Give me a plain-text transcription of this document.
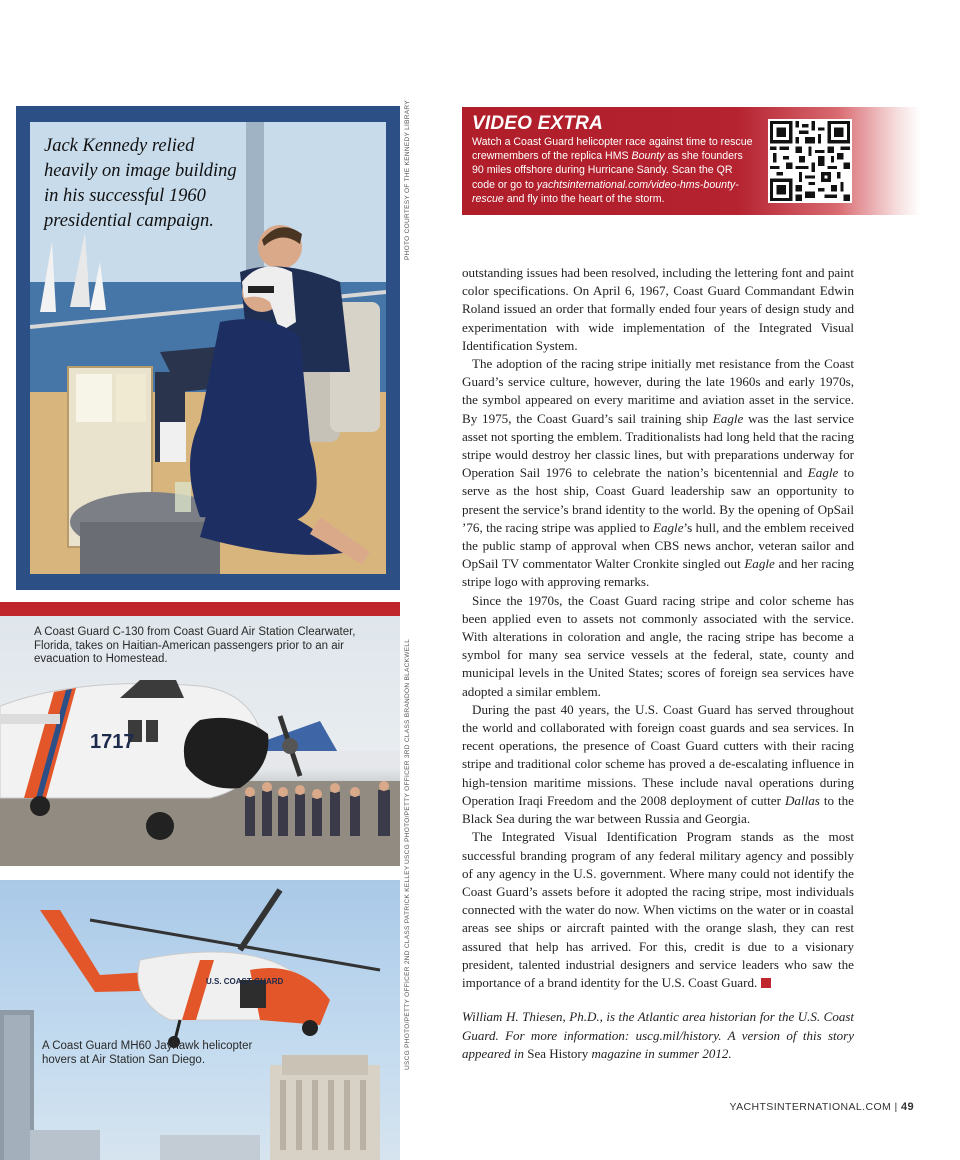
Jack Kennedy relied heavily on image building in his successful 1960 presidential campaign.	PHOTO COURTESY OF THE KENNEDY LIBRARY
1717
A Coast Guard C-130 from Coast Guard Air Station Clearwater, Florida, takes on Haitian-American passengers prior to an air evacuation to Homestead.	USCG PHOTO/PETTY OFFICER 3RD CLASS BRANDON BLACKWELL
U.S. COAST GUARD
A Coast Guard MH60 Jayhawk helicopter hovers at Air Station San Diego.	USCG PHOTO/PETTY OFFICER 2ND CLASS PATRICK KELLEY
VIDEO EXTRA
Watch a Coast Guard helicopter race against time to rescue crewmembers of the replica HMS Bounty as she founders 90 miles offshore during Hurricane Sandy. Scan the QR code or go to yachtsinternational.com/video-hms-bounty-rescue and fly into the heart of the storm.

outstanding issues had been resolved, including the lettering font and paint color specifications. On April 6, 1967, Coast Guard Commandant Edwin Roland issued an order that formally ended four years of design study and experimentation with wide implementation of the Integrated Visual Identification System.

The adoption of the racing stripe initially met resistance from the Coast Guard’s service culture, however, during the late 1960s and early 1970s, the symbol appeared on every maritime and aviation asset in the service. By 1975, the Coast Guard’s sail training ship Eagle was the last service asset not sporting the emblem. Traditionalists had long held that the racing stripe would destroy her classic lines, but with preparations underway for Operation Sail 1976 to celebrate the nation’s bicentennial and Eagle to serve as the host ship, Coast Guard leadership saw an opportunity to present the service’s brand identity to the world. By the opening of OpSail ’76, the racing stripe was applied to Eagle’s hull, and the emblem received the public stamp of approval when CBS news anchor, veteran sailor and OpSail TV commentator Walter Cronkite singled out Eagle and her racing stripe logo with approving remarks.

Since the 1970s, the Coast Guard racing stripe and color scheme has been applied even to assets not commonly associated with the service. With alterations in coloration and angle, the racing stripe has become a symbol for many sea service vessels at the federal, state, county and municipal levels in the United States; scores of foreign sea services have adopted a similar emblem.

During the past 40 years, the U.S. Coast Guard has served throughout the world and collaborated with foreign coast guards and sea services. In recent operations, the presence of Coast Guard cutters with their racing stripe and traditional color scheme has proved a de-escalating influence in high-tension maritime missions. These include naval operations during Operation Iraqi Freedom and the 2008 deployment of cutter Dallas to the Black Sea during the war between Russia and Georgia.

The Integrated Visual Identification Program stands as the most successful branding program of any federal military agency and possibly of any agency in the U.S. government. Where many could not identify the Coast Guard’s assets before it adopted the racing stripe, most individuals connected with the water do now. When victims on the water or in coastal areas see ships or aircraft painted with the orange slash, they can rest assured that help has arrived. For this, credit is due to a visionary president, talented industrial designers and service leaders who saw the importance of a brand identity for the U.S. Coast Guard.

William H. Thiesen, Ph.D., is the Atlantic area historian for the U.S. Coast Guard. For more information: uscg.mil/history. A version of this story appeared in Sea History magazine in summer 2012.
YACHTSINTERNATIONAL.COM | 49
